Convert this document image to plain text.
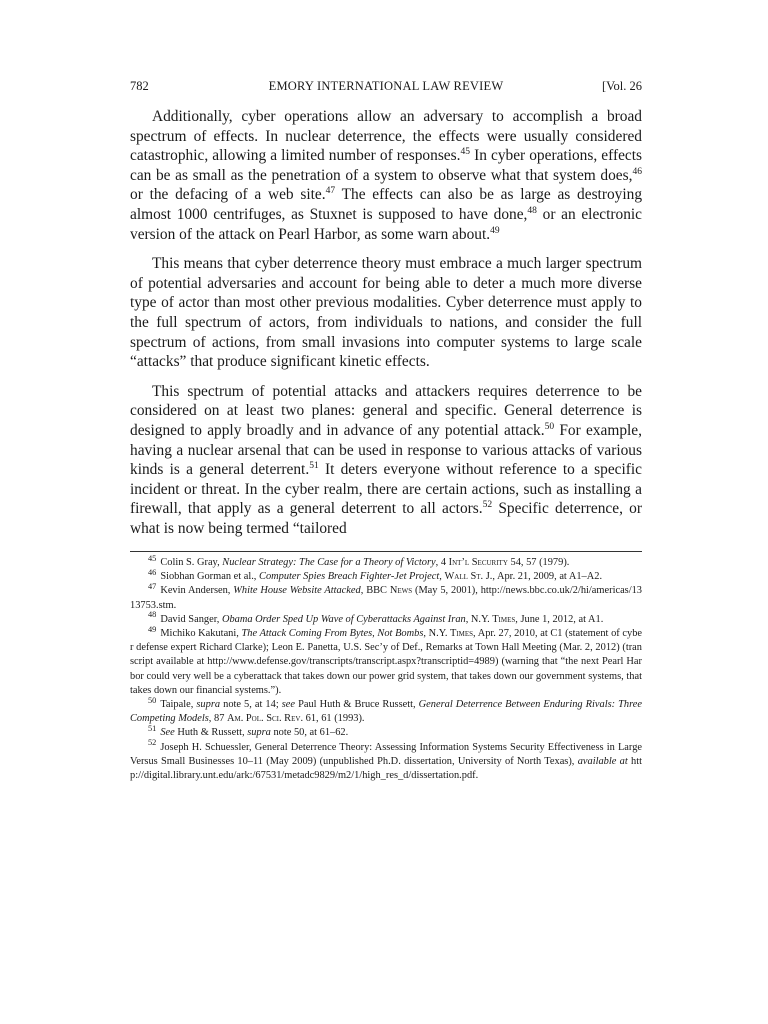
782	EMORY INTERNATIONAL LAW REVIEW	[Vol. 26

Additionally, cyber operations allow an adversary to accomplish a broad spectrum of effects. In nuclear deterrence, the effects were usually considered catastrophic, allowing a limited number of responses.$^{45}$ In cyber operations, effects can be as small as the penetration of a system to observe what that system does,$^{46}$ or the defacing of a web site.$^{47}$ The effects can also be as large as destroying almost 1000 centrifuges, as Stuxnet is supposed to have done,$^{48}$ or an electronic version of the attack on Pearl Harbor, as some warn about.$^{49}$

This means that cyber deterrence theory must embrace a much larger spectrum of potential adversaries and account for being able to deter a much more diverse type of actor than most other previous modalities. Cyber deterrence must apply to the full spectrum of actors, from individuals to nations, and consider the full spectrum of actions, from small invasions into computer systems to large scale “attacks” that produce significant kinetic effects.

This spectrum of potential attacks and attackers requires deterrence to be considered on at least two planes: general and specific. General deterrence is designed to apply broadly and in advance of any potential attack.$^{50}$ For example, having a nuclear arsenal that can be used in response to various attacks of various kinds is a general deterrent.$^{51}$ It deters everyone without reference to a specific incident or threat. In the cyber realm, there are certain actions, such as installing a firewall, that apply as a general deterrent to all actors.$^{52}$ Specific deterrence, or what is now being termed “tailored

$^{45}$ Colin S. Gray, Nuclear Strategy: The Case for a Theory of Victory, 4 Int’l Security 54, 57 (1979).

$^{46}$ Siobhan Gorman et al., Computer Spies Breach Fighter-Jet Project, Wall St. J., Apr. 21, 2009, at A1–A2.

$^{47}$ Kevin Andersen, White House Website Attacked, BBC News (May 5, 2001), http://news.bbc.co.uk/2/hi/americas/1313753.stm.

$^{48}$ David Sanger, Obama Order Sped Up Wave of Cyberattacks Against Iran, N.Y. Times, June 1, 2012, at A1.

$^{49}$ Michiko Kakutani, The Attack Coming From Bytes, Not Bombs, N.Y. Times, Apr. 27, 2010, at C1 (statement of cyber defense expert Richard Clarke); Leon E. Panetta, U.S. Sec’y of Def., Remarks at Town Hall Meeting (Mar. 2, 2012) (transcript available at http://www.defense.gov/transcripts/transcript.aspx?transcriptid=4989) (warning that “the next Pearl Harbor could very well be a cyberattack that takes down our power grid system, that takes down our government systems, that takes down our financial systems.”).

$^{50}$ Taipale, supra note 5, at 14; see Paul Huth & Bruce Russett, General Deterrence Between Enduring Rivals: Three Competing Models, 87 Am. Pol. Sci. Rev. 61, 61 (1993).

$^{51}$ See Huth & Russett, supra note 50, at 61–62.

$^{52}$ Joseph H. Schuessler, General Deterrence Theory: Assessing Information Systems Security Effectiveness in Large Versus Small Businesses 10–11 (May 2009) (unpublished Ph.D. dissertation, University of North Texas), available at http://digital.library.unt.edu/ark:/67531/metadc9829/m2/1/high_res_d/dissertation.pdf.
